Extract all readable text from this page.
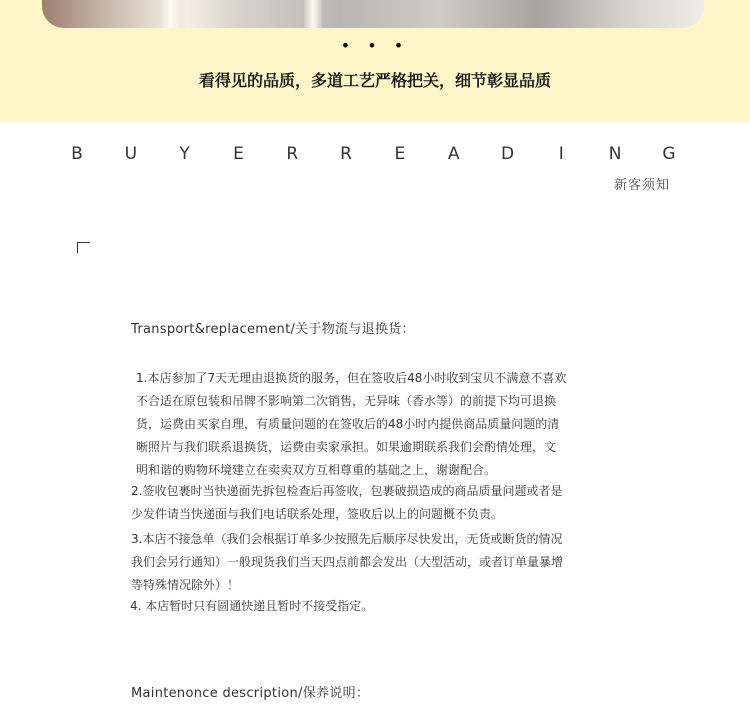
• • •
看得见的品质，多道工艺严格把关，细节彰显品质
B U Y	E	R R	E	A D	I	N G
新客须知
Transport&replacement/关于物流与退换货：
1.本店参加了7天无理由退换货的服务，但在签收后48小时收到宝贝不满意不喜欢
不合适在原包装和吊牌不影响第二次销售，无异味（香水等）的前提下均可退换
货，运费由买家自理，有质量问题的在签收后的48小时内提供商品质量问题的清
晰照片与我们联系退换货，运费由卖家承担。如果逾期联系我们会酌情处理，文
明和谐的购物环境建立在卖卖双方互相尊重的基础之上，谢谢配合。
2.签收包裹时当快递面先拆包检查后再签收，包裹破损造成的商品质量问题或者是
少发件请当快递面与我们电话联系处理，签收后以上的问题概不负责。
3.本店不接急单（我们会根据订单多少按照先后顺序尽快发出，无货或断货的情况
我们会另行通知）一般现货我们当天四点前都会发出（大型活动，或者订单量暴增
等特殊情况除外）！
4. 本店暂时只有圆通快递且暂时不接受指定。
Maintenonce description/保养说明：
